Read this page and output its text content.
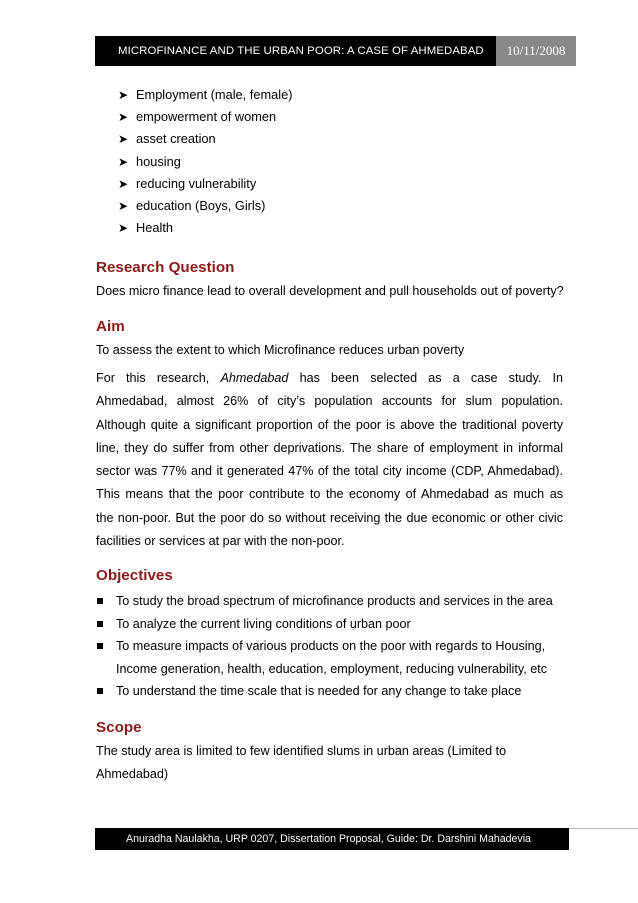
MICROFINANCE AND THE URBAN POOR: A CASE OF AHMEDABAD	10/11/2008
➤ Employment (male, female)
➤ empowerment of women
➤ asset creation
➤ housing
➤ reducing vulnerability
➤ education (Boys, Girls)
➤ Health
Research Question
Does micro finance lead to overall development and pull households out of poverty?
Aim
To assess the extent to which Microfinance reduces urban poverty
For this research, Ahmedabad has been selected as a case study. In
Ahmedabad, almost 26% of city’s population accounts for slum population.
Although quite a significant proportion of the poor is above the traditional poverty
line, they do suffer from other deprivations. The share of employment in informal
sector was 77% and it generated 47% of the total city income (CDP, Ahmedabad).
This means that the poor contribute to the economy of Ahmedabad as much as
the non-poor. But the poor do so without receiving the due economic or other civic
facilities or services at par with the non-poor.
Objectives
To study the broad spectrum of microfinance products and services in the area
To analyze the current living conditions of urban poor
To measure impacts of various products on the poor with regards to Housing,
Income generation, health, education, employment, reducing vulnerability, etc
To understand the time scale that is needed for any change to take place
Scope
The study area is limited to few identified slums in urban areas (Limited to
Ahmedabad)
Anuradha Naulakha, URP 0207, Dissertation Proposal, Guide: Dr. Darshini Mahadevia
